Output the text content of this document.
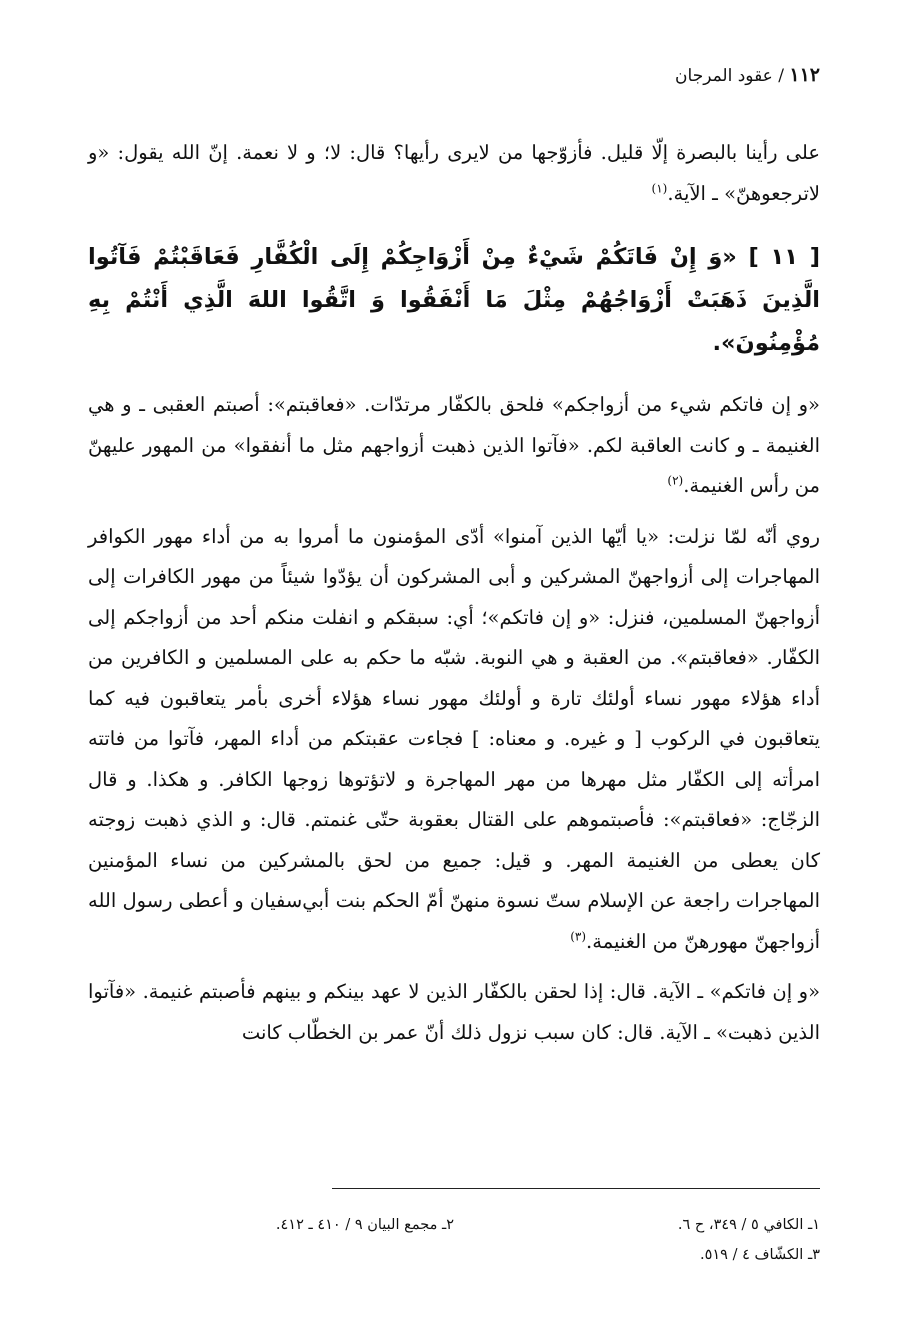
١١٢ / عقود المرجان

على رأينا بالبصرة إلّا قليل. فأزوّجها من لايرى رأيها؟ قال: لا؛ و لا نعمة. إنّ الله يقول: «و لاترجعوهنّ» ـ الآية.$^{(١)}$

[ ١١ ] «وَ إِنْ فَاتَكُمْ شَيْءٌ مِنْ أَزْوَاجِكُمْ إِلَى الْكُفَّارِ فَعَاقَبْتُمْ فَآتُوا الَّذِينَ ذَهَبَتْ أَزْوَاجُهُمْ مِثْلَ مَا أَنْفَقُوا وَ اتَّقُوا اللهَ الَّذِي أَنْتُمْ بِهِ مُؤْمِنُونَ».

«و إن فاتكم شيء من أزواجكم» فلحق بالكفّار مرتدّات. «فعاقبتم»: أصبتم العقبى ـ و هي الغنيمة ـ و كانت العاقبة لكم. «فآتوا الذين ذهبت أزواجهم مثل ما أنفقوا» من المهور عليهنّ من رأس الغنيمة.$^{(٢)}$

روي أنّه لمّا نزلت: «يا أيّها الذين آمنوا» أدّى المؤمنون ما أمروا به من أداء مهور الكوافر المهاجرات إلى أزواجهنّ المشركين و أبى المشركون أن يؤدّوا شيئاً من مهور الكافرات إلى أزواجهنّ المسلمين، فنزل: «و إن فاتكم»؛ أي: سبقكم و انفلت منكم أحد من أزواجكم إلى الكفّار. «فعاقبتم». من العقبة و هي النوبة. شبّه ما حكم به على المسلمين و الكافرين من أداء هؤلاء مهور نساء أولئك تارة و أولئك مهور نساء هؤلاء أخرى بأمر يتعاقبون فيه كما يتعاقبون في الركوب [ و غيره. و معناه: ] فجاءت عقبتكم من أداء المهر، فآتوا من فاتته امرأته إلى الكفّار مثل مهرها من مهر المهاجرة و لاتؤتوها زوجها الكافر. و هكذا. و قال الزجّاج: «فعاقبتم»: فأصبتموهم على القتال بعقوبة حتّى غنمتم. قال: و الذي ذهبت زوجته كان يعطى من الغنيمة المهر. و قيل: جميع من لحق بالمشركين من نساء المؤمنين المهاجرات راجعة عن الإسلام ستّ نسوة منهنّ أمّ الحكم بنت أبي‌سفيان و أعطى رسول الله أزواجهنّ مهورهنّ من الغنيمة.$^{(٣)}$

«و إن فاتكم» ـ الآية. قال: إذا لحقن بالكفّار الذين لا عهد بينكم و بينهم فأصبتم غنيمة. «فآتوا الذين ذهبت» ـ الآية. قال: كان سبب نزول ذلك أنّ عمر بن الخطّاب كانت

١ـ الكافي ٥ / ٣٤٩، ح ٦.
٢ـ مجمع البيان ٩ / ٤١٠ ـ ٤١٢.
٣ـ الكشّاف ٤ / ٥١٩.
